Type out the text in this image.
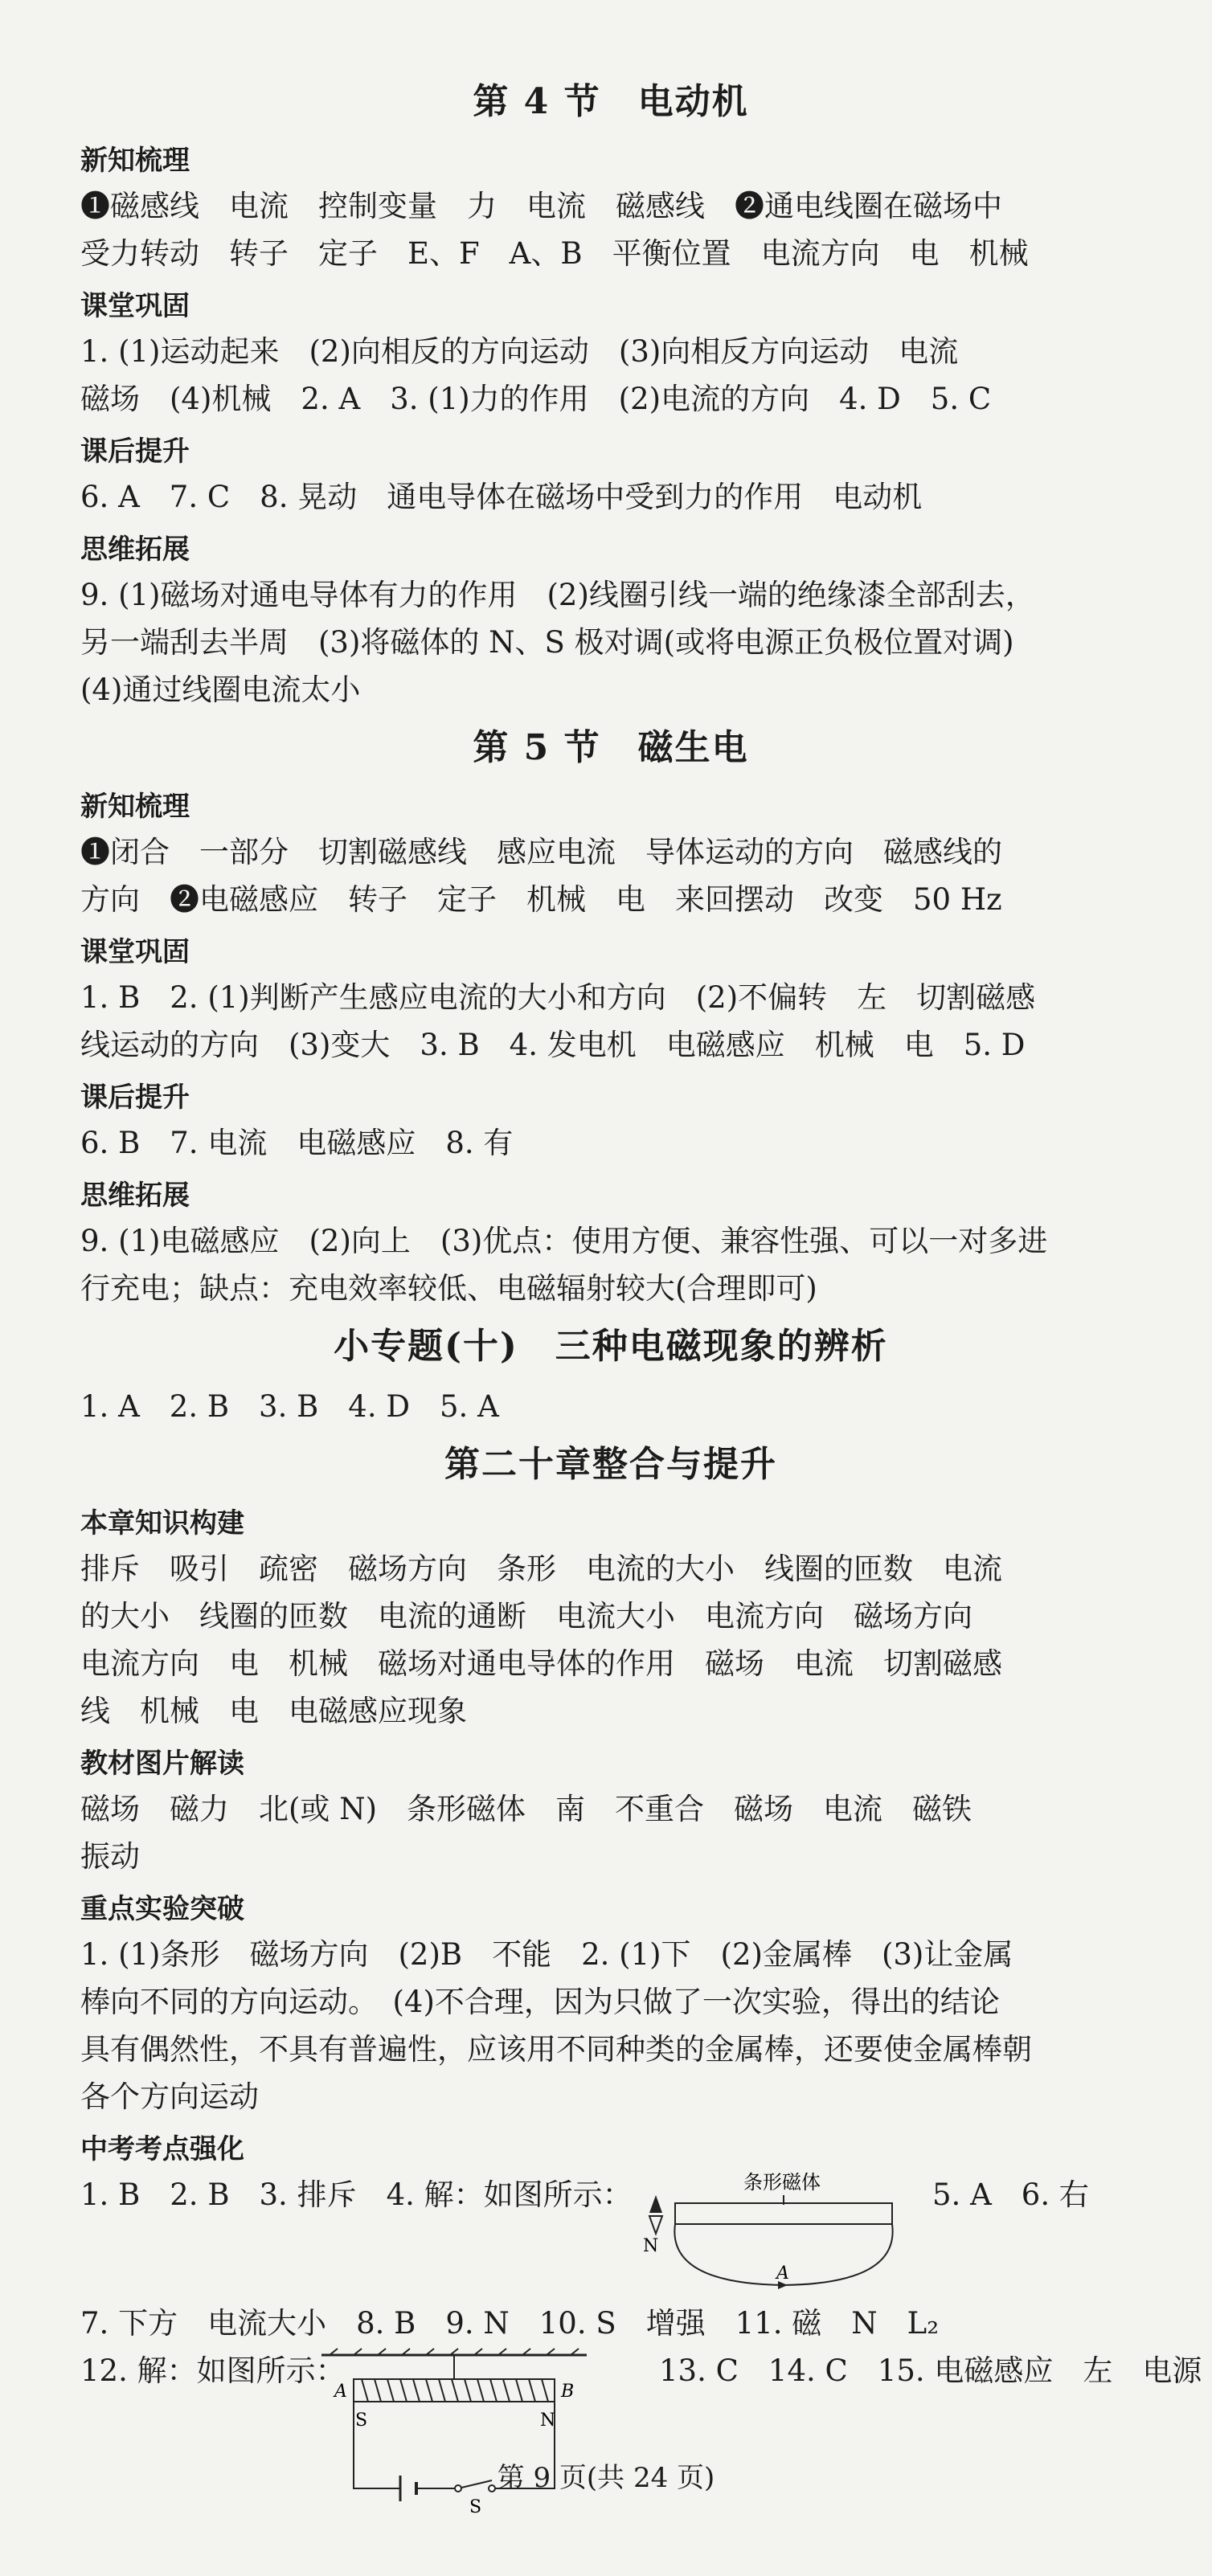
第 4 节　电动机
新知梳理
❶磁感线　电流　控制变量　力　电流　磁感线　❷通电线圈在磁场中
受力转动　转子　定子　E、F　A、B　平衡位置　电流方向　电　机械
课堂巩固
1. (1)运动起来　(2)向相反的方向运动　(3)向相反方向运动　电流
磁场　(4)机械　2. A　3. (1)力的作用　(2)电流的方向　4. D　5. C
课后提升
6. A　7. C　8. 晃动　通电导体在磁场中受到力的作用　电动机
思维拓展
9. (1)磁场对通电导体有力的作用　(2)线圈引线一端的绝缘漆全部刮去，
另一端刮去半周　(3)将磁体的 N、S 极对调(或将电源正负极位置对调)
(4)通过线圈电流太小
第 5 节　磁生电
新知梳理
❶闭合　一部分　切割磁感线　感应电流　导体运动的方向　磁感线的
方向　❷电磁感应　转子　定子　机械　电　来回摆动　改变　50 Hz
课堂巩固
1. B　2. (1)判断产生感应电流的大小和方向　(2)不偏转　左　切割磁感
线运动的方向　(3)变大　3. B　4. 发电机　电磁感应　机械　电　5. D
课后提升
6. B　7. 电流　电磁感应　8. 有
思维拓展
9. (1)电磁感应　(2)向上　(3)优点：使用方便、兼容性强、可以一对多进
行充电；缺点：充电效率较低、电磁辐射较大(合理即可)
小专题(十)　三种电磁现象的辨析
1. A　2. B　3. B　4. D　5. A
第二十章整合与提升
本章知识构建
排斥　吸引　疏密　磁场方向　条形　电流的大小　线圈的匝数　电流
的大小　线圈的匝数　电流的通断　电流大小　电流方向　磁场方向
电流方向　电　机械　磁场对通电导体的作用　磁场　电流　切割磁感
线　机械　电　电磁感应现象
教材图片解读
磁场　磁力　北(或 N)　条形磁体　南　不重合　磁场　电流　磁铁
振动
重点实验突破
1. (1)条形　磁场方向　(2)B　不能　2. (1)下　(2)金属棒　(3)让金属
棒向不同的方向运动。　(4)不合理，因为只做了一次实验，得出的结论
具有偶然性，不具有普遍性，应该用不同种类的金属棒，还要使金属棒朝
各个方向运动
中考考点强化
1. B　2. B　3. 排斥　4. 解：如图所示：
N
条形磁体
A
5. A　6. 右
7. 下方　电流大小　8. B　9. N　10. S　增强　11. 磁　N　L₂
12. 解：如图所示：
A	B
S	N
S
13. C　14. C　15. 电磁感应　左　电源
第 9 页(共 24 页)
